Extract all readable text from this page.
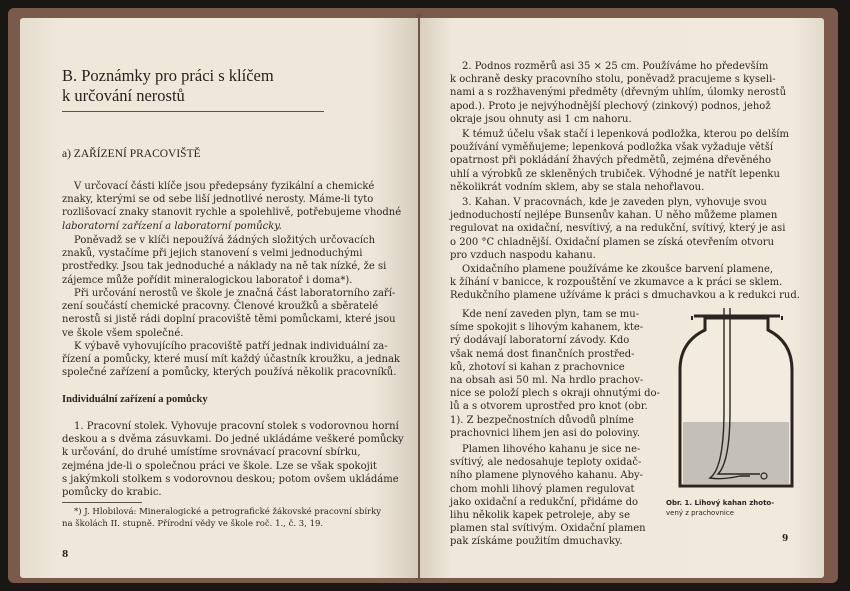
B. Poznámky pro práci s klíčem
k určování nerostů
a) ZAŘÍZENÍ PRACOVIŠTĚ
V určovací části klíče jsou předepsány fyzikální a chemické
znaky, kterými se od sebe liší jednotlivé nerosty. Máme-li tyto
rozlišovací znaky stanovit rychle a spolehlivě, potřebujeme vhodné
laboratorní zařízení a laboratorní pomůcky.
Poněvadž se v klíči nepoužívá žádných složitých určovacích
znaků, vystačíme při jejich stanovení s velmi jednoduchými
prostředky. Jsou tak jednoduché a náklady na ně tak nízké, že si
zájemce může pořídit mineralogickou laboratoř i doma*).
Při určování nerostů ve škole je značná část laboratorního zaří-
zení součástí chemické pracovny. Členové kroužků a sběratelé
nerostů si jistě rádi doplní pracoviště těmi pomůckami, které jsou
ve škole všem společné.
K výbavě vyhovujícího pracoviště patří jednak individuální za-
řízení a pomůcky, které musí mít každý účastník kroužku, a jednak
společné zařízení a pomůcky, kterých používá několik pracovníků.
Individuální zařízení a pomůcky
1. Pracovní stolek. Vyhovuje pracovní stolek s vodorovnou horní
deskou a s dvěma zásuvkami. Do jedné ukládáme veškeré pomůcky
k určování, do druhé umístíme srovnávací pracovní sbírku,
zejména jde-li o společnou práci ve škole. Lze se však spokojit
s jakýmkoli stolkem s vodorovnou deskou; potom ovšem ukládáme
pomůcky do krabic.
*) J. Hlobilová: Mineralogické a petrografické žákovské pracovní sbírky
na školách II. stupně. Přírodní vědy ve škole roč. 1., č. 3, 19.
8
2. Podnos rozměrů asi 35 × 25 cm. Používáme ho především
k ochraně desky pracovního stolu, poněvadž pracujeme s kyseli-
nami a s rozžhavenými předměty (dřevným uhlím, úlomky nerostů
apod.). Proto je nejvýhodnější plechový (zinkový) podnos, jehož
okraje jsou ohnuty asi 1 cm nahoru.
K témuž účelu však stačí i lepenková podložka, kterou po delším
používání vyměňujeme; lepenková podložka však vyžaduje větší
opatrnost při pokládání žhavých předmětů, zejména dřevěného
uhlí a výrobků ze skleněných trubiček. Výhodné je natřít lepenku
několikrát vodním sklem, aby se stala nehořlavou.
3. Kahan. V pracovnách, kde je zaveden plyn, vyhovuje svou
jednoduchostí nejlépe Bunsenův kahan. U něho můžeme plamen
regulovat na oxidační, nesvítivý, a na redukční, svítivý, který je asi
o 200 °C chladnější. Oxidační plamen se získá otevřením otvoru
pro vzduch naspodu kahanu.
Oxidačního plamene používáme ke zkoušce barvení plamene,
k žíhání v banicce, k rozpouštění ve zkumavce a k práci se sklem.
Redukčního plamene užíváme k práci s dmuchavkou a k redukci rud.
Kde není zaveden plyn, tam se mu-
síme spokojit s lihovým kahanem, kte-
rý dodávají laboratorní závody. Kdo
však nemá dost finančních prostřed-
ků, zhotoví si kahan z prachovnice
na obsah asi 50 ml. Na hrdlo prachov-
nice se položí plech s okraji ohnutými do-
lů a s otvorem uprostřed pro knot (obr.
1). Z bezpečnostních důvodů plníme
prachovnici lihem jen asi do poloviny.
Plamen lihového kahanu je sice ne-
svítivý, ale nedosahuje teploty oxidač-
ního plamene plynového kahanu. Aby-
chom mohli lihový plamen regulovat
jako oxidační a redukční, přidáme do
lihu několik kapek petroleje, aby se
plamen stal svítivým. Oxidační plamen
pak získáme použitím dmuchavky.
Obr. 1. Lihový kahan zhoto-
vený z prachovnice
9
